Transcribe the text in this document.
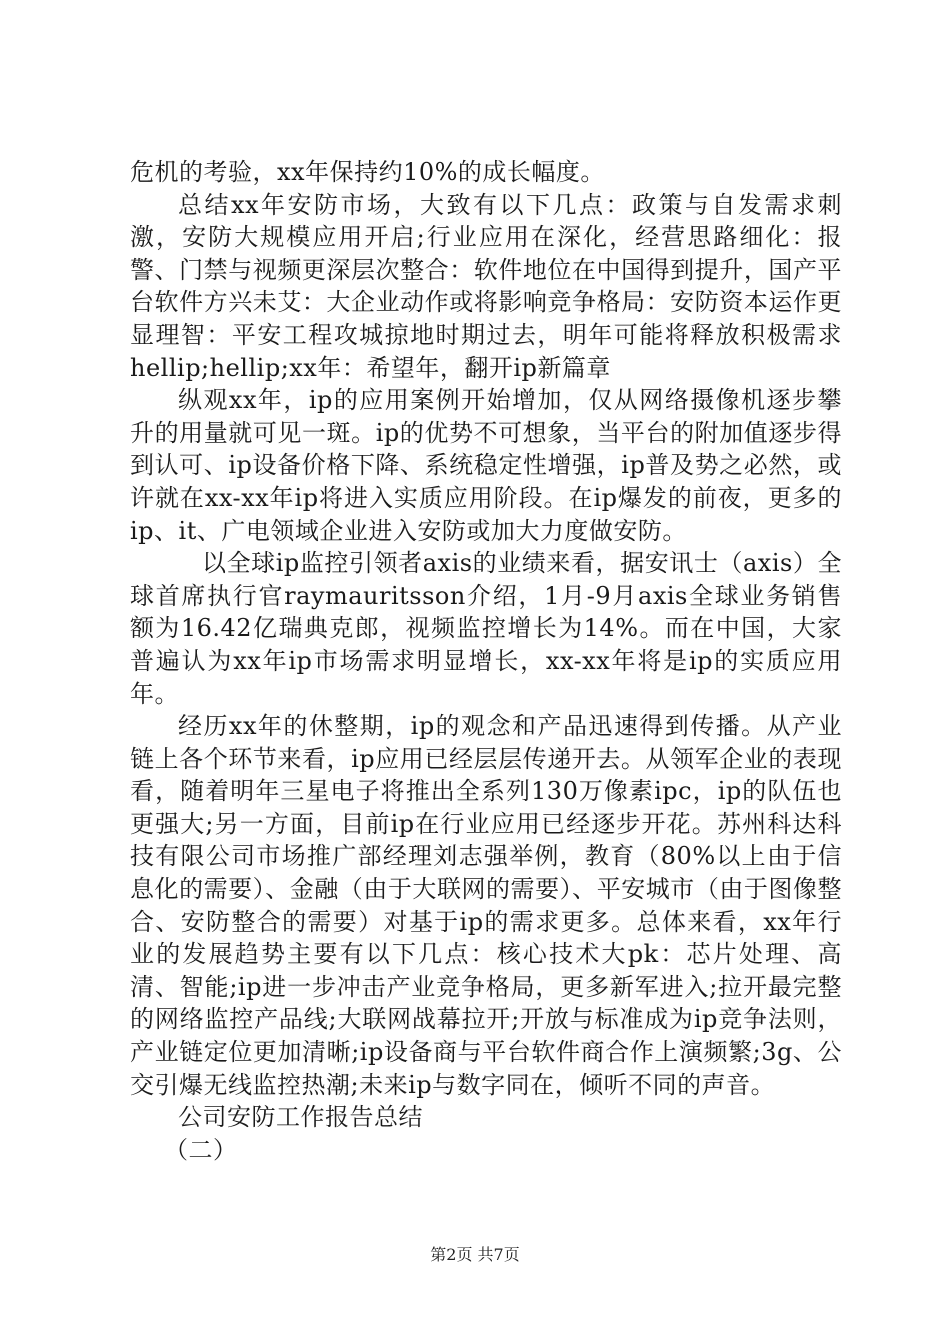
危机的考验，xx年保持约10%的成长幅度。

总结xx年安防市场，大致有以下几点：政策与自发需求刺激，安防大规模应用开启;行业应用在深化，经营思路细化：报警、门禁与视频更深层次整合：软件地位在中国得到提升，国产平台软件方兴未艾：大企业动作或将影响竞争格局：安防资本运作更显理智：平安工程攻城掠地时期过去，明年可能将释放积极需求hellip;hellip;xx年：希望年，翻开ip新篇章

纵观xx年，ip的应用案例开始增加，仅从网络摄像机逐步攀升的用量就可见一斑。ip的优势不可想象，当平台的附加值逐步得到认可、ip设备价格下降、系统稳定性增强，ip普及势之必然，或许就在xx-xx年ip将进入实质应用阶段。在ip爆发的前夜，更多的ip、it、广电领域企业进入安防或加大力度做安防。

以全球ip监控引领者axis的业绩来看，据安讯士（axis）全球首席执行官raymauritsson介绍，1月-9月axis全球业务销售额为16.42亿瑞典克郎，视频监控增长为14%。而在中国，大家普遍认为xx年ip市场需求明显增长，xx-xx年将是ip的实质应用年。

经历xx年的休整期，ip的观念和产品迅速得到传播。从产业链上各个环节来看，ip应用已经层层传递开去。从领军企业的表现看，随着明年三星电子将推出全系列130万像素ipc，ip的队伍也更强大;另一方面，目前ip在行业应用已经逐步开花。苏州科达科技有限公司市场推广部经理刘志强举例，教育（80%以上由于信息化的需要）、金融（由于大联网的需要）、平安城市（由于图像整合、安防整合的需要）对基于ip的需求更多。总体来看，xx年行业的发展趋势主要有以下几点：核心技术大pk：芯片处理、高清、智能;ip进一步冲击产业竞争格局，更多新军进入;拉开最完整的网络监控产品线;大联网战幕拉开;开放与标准成为ip竞争法则，产业链定位更加清晰;ip设备商与平台软件商合作上演频繁;3g、公交引爆无线监控热潮;未来ip与数字同在，倾听不同的声音。

公司安防工作报告总结

（二）

第2页 共7页
